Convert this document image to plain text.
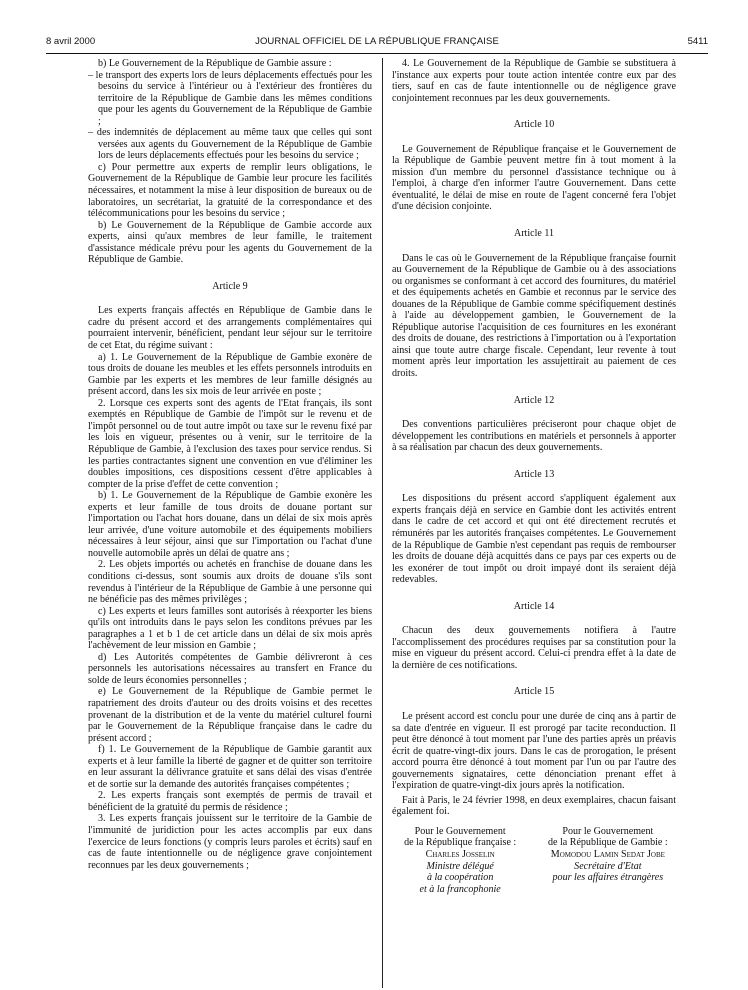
8 avril 2000	JOURNAL OFFICIEL DE LA RÉPUBLIQUE FRANÇAISE	5411

b) Le Gouvernement de la République de Gambie assure :

– le transport des experts lors de leurs déplacements effectués pour les besoins du service à l'intérieur ou à l'extérieur des frontières du territoire de la République de Gambie dans les mêmes conditions que pour les agents du Gouvernement de la République de Gambie ;

– des indemnités de déplacement au même taux que celles qui sont versées aux agents du Gouvernement de la République de Gambie lors de leurs déplacements effectués pour les besoins du service ;

c) Pour permettre aux experts de remplir leurs obligations, le Gouvernement de la République de Gambie leur procure les facilités nécessaires, et notamment la mise à leur disposition de bureaux ou de laboratoires, un secrétariat, la gratuité de la correspondance et des télécommunications pour les besoins du service ;

b) Le Gouvernement de la République de Gambie accorde aux experts, ainsi qu'aux membres de leur famille, le traitement d'assistance médicale prévu pour les agents du Gouvernement de la République de Gambie.

Article 9

Les experts français affectés en République de Gambie dans le cadre du présent accord et des arrangements complémentaires qui pourraient intervenir, bénéficient, pendant leur séjour sur le territoire de cet Etat, du régime suivant :

a) 1. Le Gouvernement de la République de Gambie exonère de tous droits de douane les meubles et les effets personnels introduits en Gambie par les experts et les membres de leur famille désignés au présent accord, dans les six mois de leur arrivée en poste ;

2. Lorsque ces experts sont des agents de l'Etat français, ils sont exemptés en République de Gambie de l'impôt sur le revenu et de l'impôt personnel ou de tout autre impôt ou taxe sur le revenu fixé par les lois en vigueur, présentes ou à venir, sur le territoire de la République de Gambie, à l'exclusion des taxes pour service rendus. Si les parties contractantes signent une convention en vue d'éliminer les doubles impositions, ces dispositions cessent d'être applicables à compter de la prise d'effet de cette convention ;

b) 1. Le Gouvernement de la République de Gambie exonère les experts et leur famille de tous droits de douane portant sur l'importation ou l'achat hors douane, dans un délai de six mois après leur arrivée, d'une voiture automobile et des équipements mobiliers nécessaires à leur séjour, ainsi que sur l'importation ou l'achat d'une nouvelle automobile après un délai de quatre ans ;

2. Les objets importés ou achetés en franchise de douane dans les conditions ci-dessus, sont soumis aux droits de douane s'ils sont revendus à l'intérieur de la République de Gambie à une personne qui ne bénéficie pas des mêmes privilèges ;

c) Les experts et leurs familles sont autorisés à réexporter les biens qu'ils ont introduits dans le pays selon les conditons prévues par les paragraphes a 1 et b 1 de cet article dans un délai de six mois après l'achèvement de leur mission en Gambie ;

d) Les Autorités compétentes de Gambie délivreront à ces personnels les autorisations nécessaires au transfert en France du solde de leurs économies personnelles ;

e) Le Gouvernement de la République de Gambie permet le rapatriement des droits d'auteur ou des droits voisins et des recettes provenant de la distribution et de la vente du matériel culturel fourni par le Gouvernement de la République française dans le cadre du présent accord ;

f) 1. Le Gouvernement de la République de Gambie garantit aux experts et à leur famille la liberté de gagner et de quitter son territoire en leur assurant la délivrance gratuite et sans délai des visas d'entrée et de sortie sur la demande des autorités françaises compétentes ;

2. Les experts français sont exemptés de permis de travail et bénéficient de la gratuité du permis de résidence ;

3. Les experts français jouissent sur le territoire de la Gambie de l'immunité de juridiction pour les actes accomplis par eux dans l'exercice de leurs fonctions (y compris leurs paroles et écrits) sauf en cas de faute intentionnelle ou de négligence grave conjointement reconnues par les deux gouvernements ;

4. Le Gouvernement de la République de Gambie se substituera à l'instance aux experts pour toute action intentée contre eux par des tiers, sauf en cas de faute intentionnelle ou de négligence grave conjointement reconnues par les deux gouvernements.

Article 10

Le Gouvernement de République française et le Gouvernement de la République de Gambie peuvent mettre fin à tout moment à la mission d'un membre du personnel d'assistance technique ou à l'emploi, à charge d'en informer l'autre Gouvernement. Dans cette éventualité, le délai de mise en route de l'agent concerné fera l'objet d'une décision conjointe.

Article 11

Dans le cas où le Gouvernement de la République française fournit au Gouvernement de la République de Gambie ou à des associations ou organismes se conformant à cet accord des fournitures, du matériel et des équipements achetés en Gambie et reconnus par le service des douanes de la République de Gambie comme spécifiquement destinés à l'aide au développement gambien, le Gouvernement de la République autorise l'acquisition de ces fournitures en les exonérant des droits de douane, des restrictions à l'importation ou à l'exportation ainsi que toute autre charge fiscale. Cependant, leur revente à tout moment après leur importation les assujettirait au paiement de ces droits.

Article 12

Des conventions particulières préciseront pour chaque objet de développement les contributions en matériels et personnels à apporter à sa réalisation par chacun des deux gouvernements.

Article 13

Les dispositions du présent accord s'appliquent également aux experts français déjà en service en Gambie dont les activités entrent dans le cadre de cet accord et qui ont été directement recrutés et rémunérés par les autorités françaises compétentes. Le Gouvernement de la République de Gambie n'est cependant pas requis de rembourser les droits de douane déjà acquittés dans ce pays par ces experts ou de les exonérer de tout impôt ou droit impayé dont ils seraient déjà redevables.

Article 14

Chacun des deux gouvernements notifiera à l'autre l'accomplissement des procédures requises par sa constitution pour la mise en vigueur du présent accord. Celui-ci prendra effet à la date de la dernière de ces notifications.

Article 15

Le présent accord est conclu pour une durée de cinq ans à partir de sa date d'entrée en vigueur. Il est prorogé par tacite reconduction. Il peut être dénoncé à tout moment par l'une des parties après un préavis écrit de quatre-vingt-dix jours. Dans le cas de prorogation, le présent accord pourra être dénoncé à tout moment par l'un ou par l'autre des gouvernements signataires, cette dénonciation prenant effet à l'expiration de quatre-vingt-dix jours après la notification.

Fait à Paris, le 24 février 1998, en deux exemplaires, chacun faisant également foi.

Pour le Gouvernement
de la République française :
Charles Josselin
Ministre délégué
à la coopération
et à la francophonie
Pour le Gouvernement
de la République de Gambie :
Momodou Lamin Sedat Jobe
Secrétaire d'Etat
pour les affaires étrangères
